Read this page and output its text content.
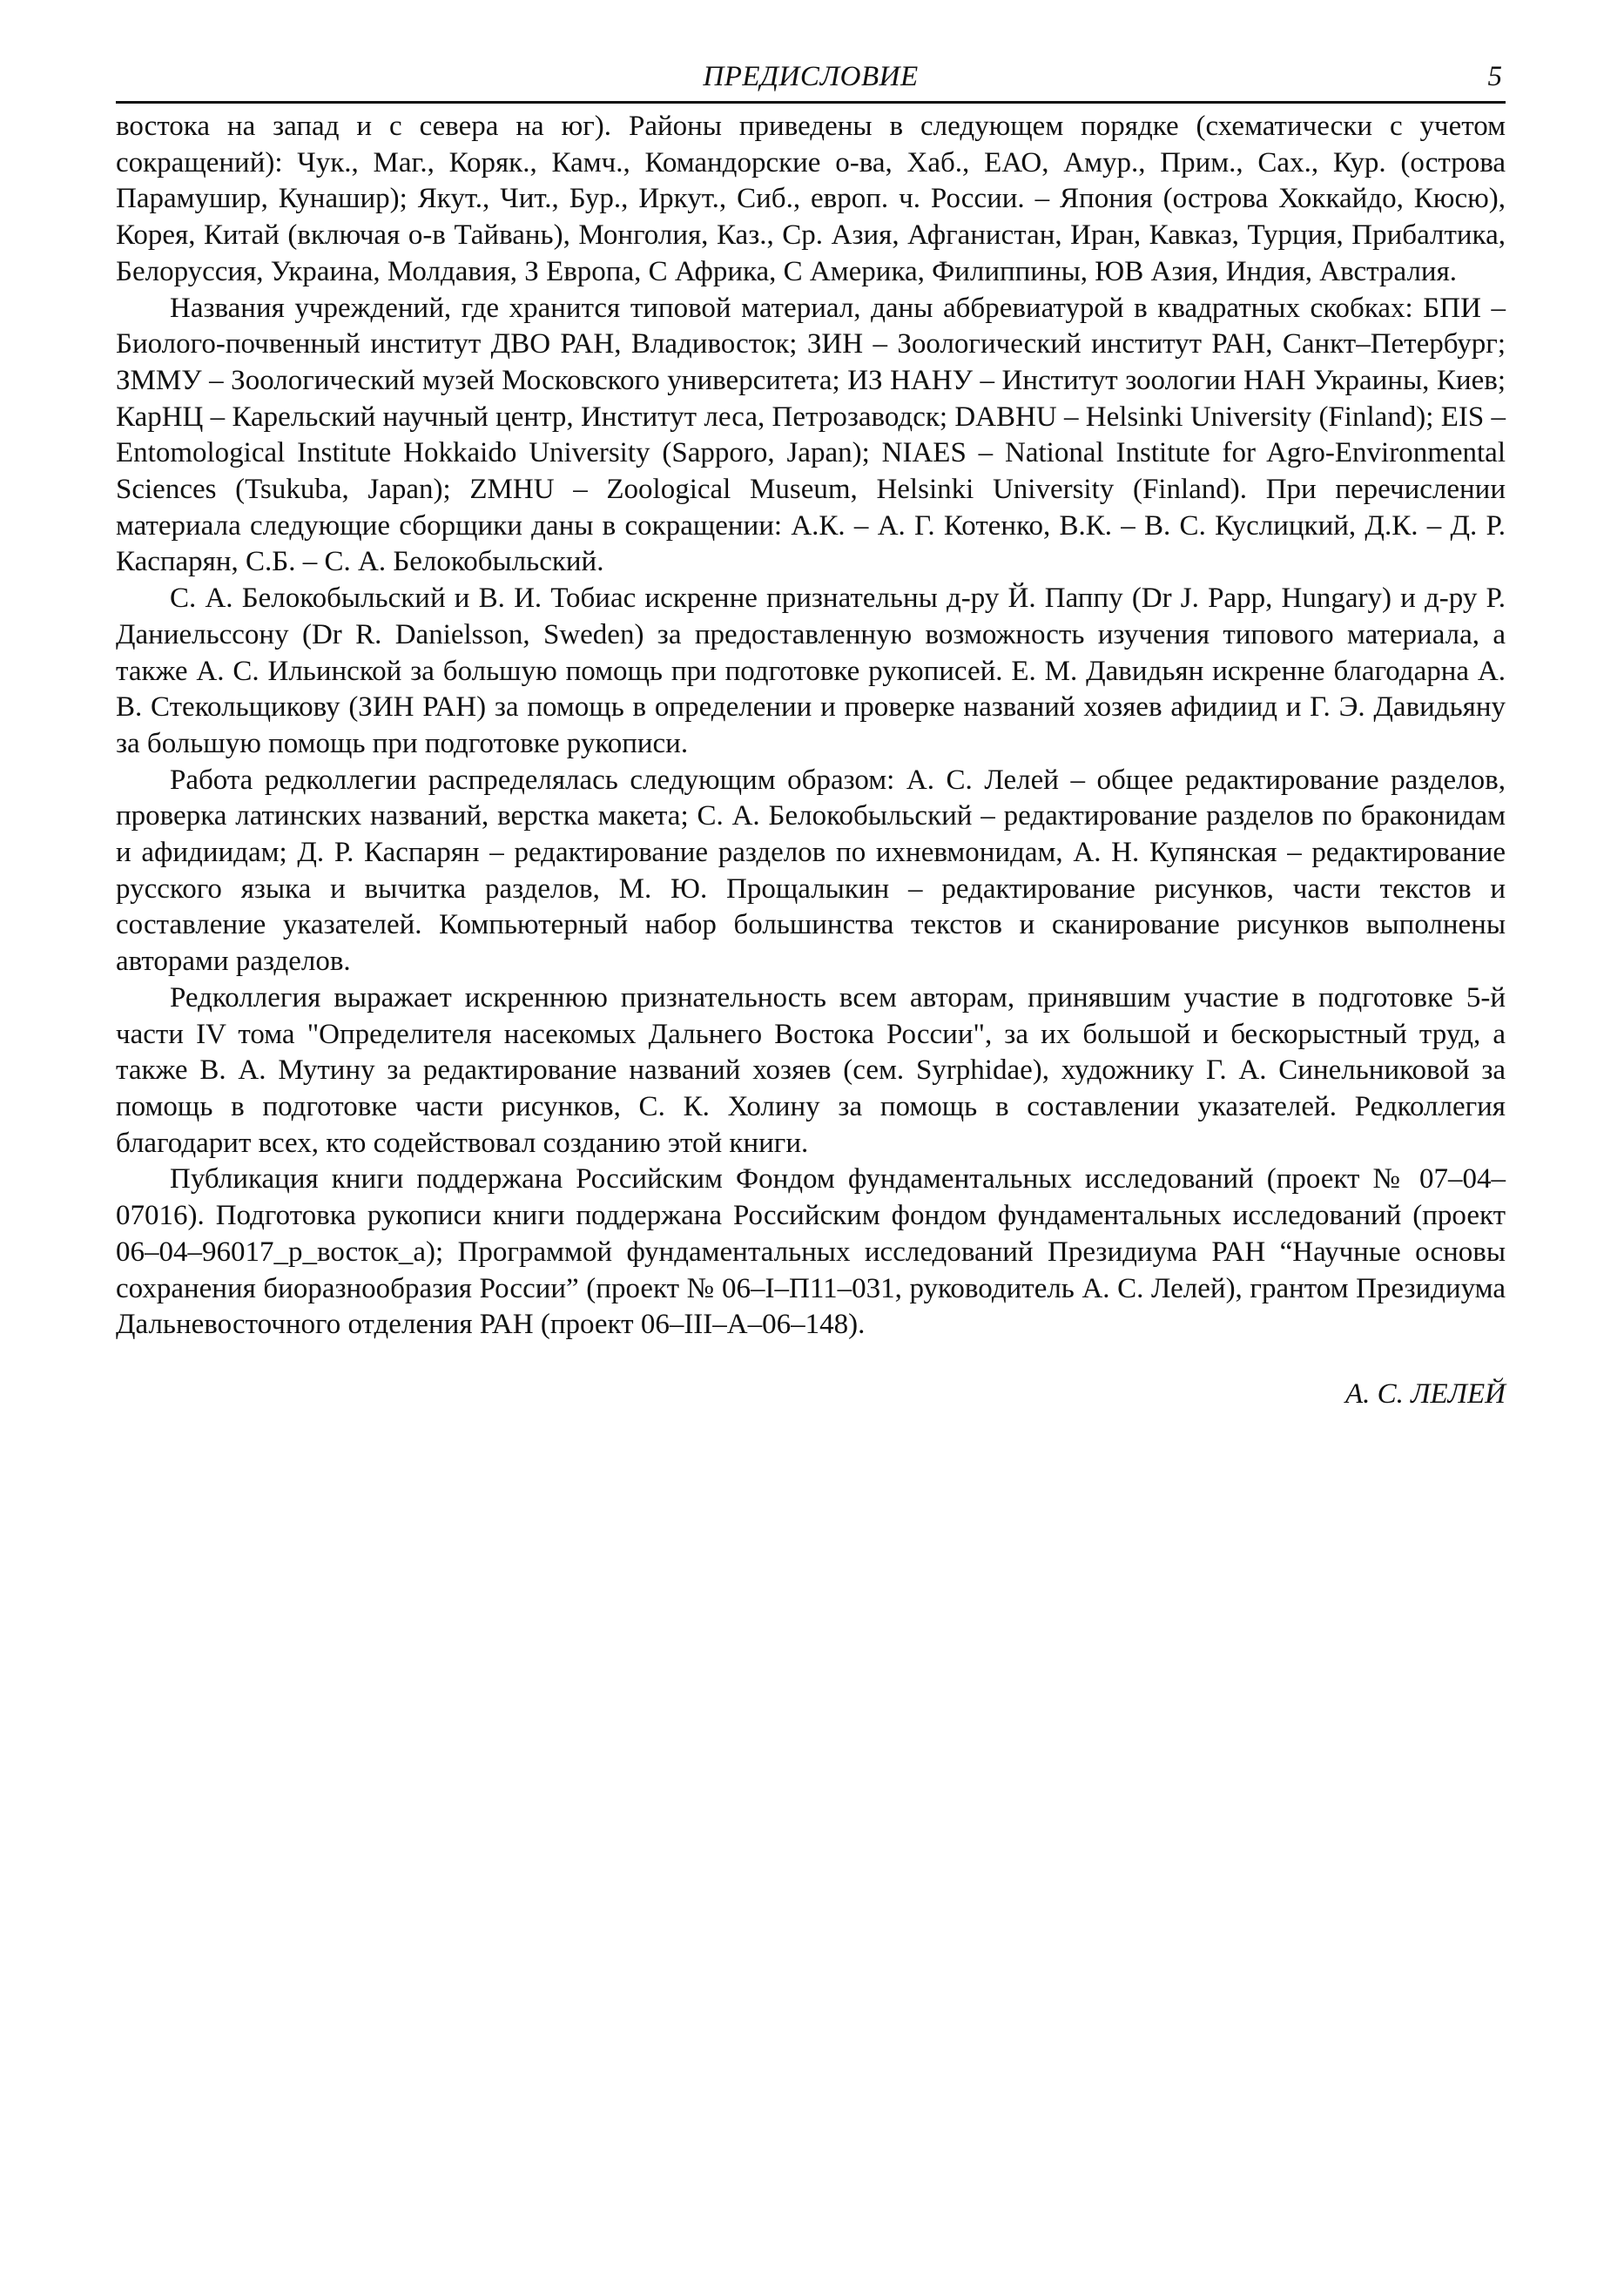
ПРЕДИСЛОВИЕ	5

востока на запад и с севера на юг). Районы приведены в следующем порядке (схематически с учетом сокращений): Чук., Маг., Коряк., Камч., Командорские о-ва, Хаб., ЕАО, Амур., Прим., Сах., Кур. (острова Парамушир, Кунашир); Якут., Чит., Бур., Иркут., Сиб., европ. ч. России. – Япония (острова Хоккайдо, Кюсю), Корея, Китай (включая о-в Тайвань), Монголия, Каз., Ср. Азия, Афганистан, Иран, Кавказ, Турция, Прибалтика, Белоруссия, Украина, Молдавия, З Европа, С Африка, С Америка, Филиппины, ЮВ Азия, Индия, Австралия.

Названия учреждений, где хранится типовой материал, даны аббревиатурой в квадратных скобках: БПИ – Биолого-почвенный институт ДВО РАН, Владивосток; ЗИН – Зоологический институт РАН, Санкт–Петербург; ЗММУ – Зоологический музей Московского университета; ИЗ НАНУ – Институт зоологии НАН Украины, Киев; КарНЦ – Карельский научный центр, Институт леса, Петрозаводск; DABHU – Helsinki University (Finland); EIS – Entomological Institute Hokkaido University (Sapporo, Japan); NIAES – National Institute for Agro-Environmental Sciences (Tsukuba, Japan); ZMHU – Zoological Museum, Helsinki University (Finland). При перечислении материала следующие сборщики даны в сокращении: А.К. – А. Г. Котенко, В.К. – В. С. Куслицкий, Д.К. – Д. Р. Каспарян, С.Б. – С. А. Белокобыльский.

С. А. Белокобыльский и В. И. Тобиас искренне признательны д-ру Й. Паппу (Dr J. Papp, Hungary) и д-ру Р. Даниельссону (Dr R. Danielsson, Sweden) за предоставленную возможность изучения типового материала, а также А. С. Ильинской за большую помощь при подготовке рукописей. Е. М. Давидьян искренне благодарна А. В. Стекольщикову (ЗИН РАН) за помощь в определении и проверке названий хозяев афидиид и Г. Э. Давидьяну за большую помощь при подготовке рукописи.

Работа редколлегии распределялась следующим образом: А. С. Лелей – общее редактирование разделов, проверка латинских названий, верстка макета; С. А. Белокобыльский – редактирование разделов по браконидам и афидиидам; Д. Р. Каспарян – редактирование разделов по ихневмонидам, А. Н. Купянская – редактирование русского языка и вычитка разделов, М. Ю. Прощалыкин – редактирование рисунков, части текстов и составление указателей. Компьютерный набор большинства текстов и сканирование рисунков выполнены авторами разделов.

Редколлегия выражает искреннюю признательность всем авторам, принявшим участие в подготовке 5-й части IV тома "Определителя насекомых Дальнего Востока России", за их большой и бескорыстный труд, а также В. А. Мутину за редактирование названий хозяев (сем. Syrphidae), художнику Г. А. Синельниковой за помощь в подготовке части рисунков, С. К. Холину за помощь в составлении указателей. Редколлегия благодарит всех, кто содействовал созданию этой книги.

Публикация книги поддержана Российским Фондом фундаментальных исследований (проект № 07–04–07016). Подготовка рукописи книги поддержана Российским фондом фундаментальных исследований (проект 06–04–96017_р_восток_а); Программой фундаментальных исследований Президиума РАН “Научные основы сохранения биоразнообразия России” (проект № 06–I–П11–031, руководитель А. С. Лелей), грантом Президиума Дальневосточного отделения РАН (проект 06–III–А–06–148).

А. С. ЛЕЛЕЙ
